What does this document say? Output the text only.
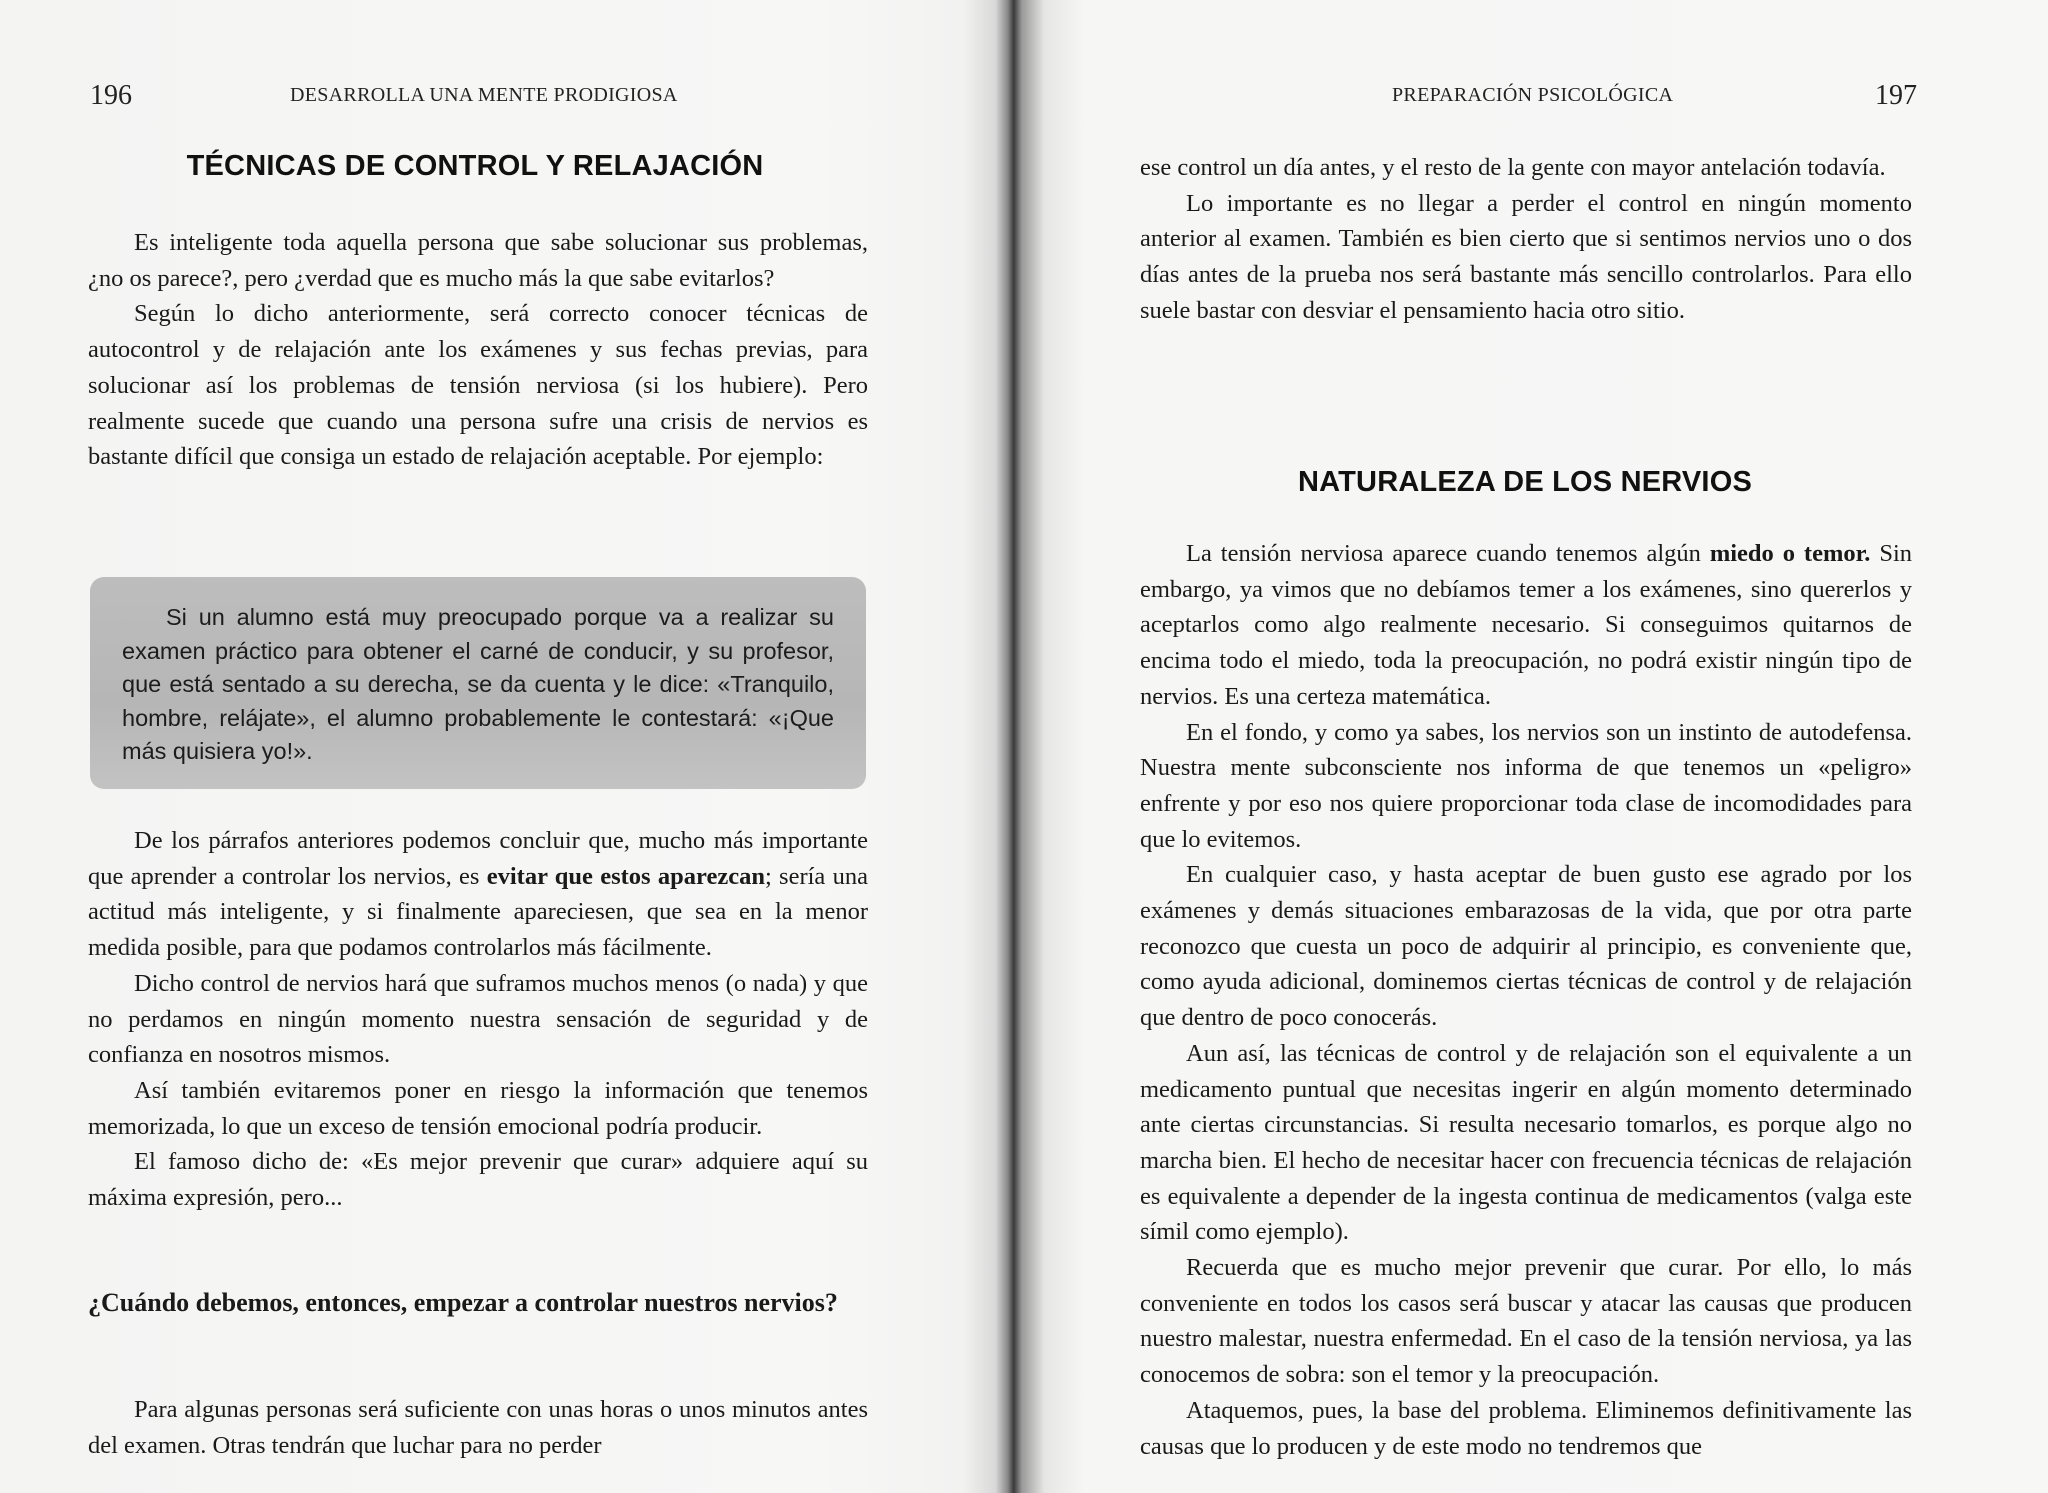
196	DESARROLLA UNA MENTE PRODIGIOSA
TÉCNICAS DE CONTROL Y RELAJACIÓN

Es inteligente toda aquella persona que sabe solucionar sus problemas, ¿no os parece?, pero ¿verdad que es mucho más la que sabe evitarlos?

Según lo dicho anteriormente, será correcto conocer técnicas de autocontrol y de relajación ante los exámenes y sus fechas previas, para solucionar así los problemas de tensión nerviosa (si los hubiere). Pero realmente sucede que cuando una persona sufre una crisis de nervios es bastante difícil que consiga un estado de relajación aceptable. Por ejemplo:

Si un alumno está muy preocupado porque va a realizar su examen práctico para obtener el carné de conducir, y su profesor, que está sentado a su derecha, se da cuenta y le dice: «Tranquilo, hombre, relájate», el alumno probablemente le contestará: «¡Que más quisiera yo!».

De los párrafos anteriores podemos concluir que, mucho más importante que aprender a controlar los nervios, es evitar que estos aparezcan; sería una actitud más inteligente, y si finalmente apareciesen, que sea en la menor medida posible, para que podamos controlarlos más fácilmente.

Dicho control de nervios hará que suframos muchos menos (o nada) y que no perdamos en ningún momento nuestra sensación de seguridad y de confianza en nosotros mismos.

Así también evitaremos poner en riesgo la información que tenemos memorizada, lo que un exceso de tensión emocional podría producir.

El famoso dicho de: «Es mejor prevenir que curar» adquiere aquí su máxima expresión, pero...

¿Cuándo debemos, entonces, empezar a controlar nuestros nervios?

Para algunas personas será suficiente con unas horas o unos minutos antes del examen. Otras tendrán que luchar para no perder

PREPARACIÓN PSICOLÓGICA	197

ese control un día antes, y el resto de la gente con mayor antelación todavía.

Lo importante es no llegar a perder el control en ningún momento anterior al examen. También es bien cierto que si sentimos nervios uno o dos días antes de la prueba nos será bastante más sencillo controlarlos. Para ello suele bastar con desviar el pensamiento hacia otro sitio.

NATURALEZA DE LOS NERVIOS

La tensión nerviosa aparece cuando tenemos algún miedo o temor. Sin embargo, ya vimos que no debíamos temer a los exámenes, sino quererlos y aceptarlos como algo realmente necesario. Si conseguimos quitarnos de encima todo el miedo, toda la preocupación, no podrá existir ningún tipo de nervios. Es una certeza matemática.

En el fondo, y como ya sabes, los nervios son un instinto de autodefensa. Nuestra mente subconsciente nos informa de que tenemos un «peligro» enfrente y por eso nos quiere proporcionar toda clase de incomodidades para que lo evitemos.

En cualquier caso, y hasta aceptar de buen gusto ese agrado por los exámenes y demás situaciones embarazosas de la vida, que por otra parte reconozco que cuesta un poco de adquirir al principio, es conveniente que, como ayuda adicional, dominemos ciertas técnicas de control y de relajación que dentro de poco conocerás.

Aun así, las técnicas de control y de relajación son el equivalente a un medicamento puntual que necesitas ingerir en algún momento determinado ante ciertas circunstancias. Si resulta necesario tomarlos, es porque algo no marcha bien. El hecho de necesitar hacer con frecuencia técnicas de relajación es equivalente a depender de la ingesta continua de medicamentos (valga este símil como ejemplo).

Recuerda que es mucho mejor prevenir que curar. Por ello, lo más conveniente en todos los casos será buscar y atacar las causas que producen nuestro malestar, nuestra enfermedad. En el caso de la tensión nerviosa, ya las conocemos de sobra: son el temor y la preocupación.

Ataquemos, pues, la base del problema. Eliminemos definitivamente las causas que lo producen y de este modo no tendremos que
